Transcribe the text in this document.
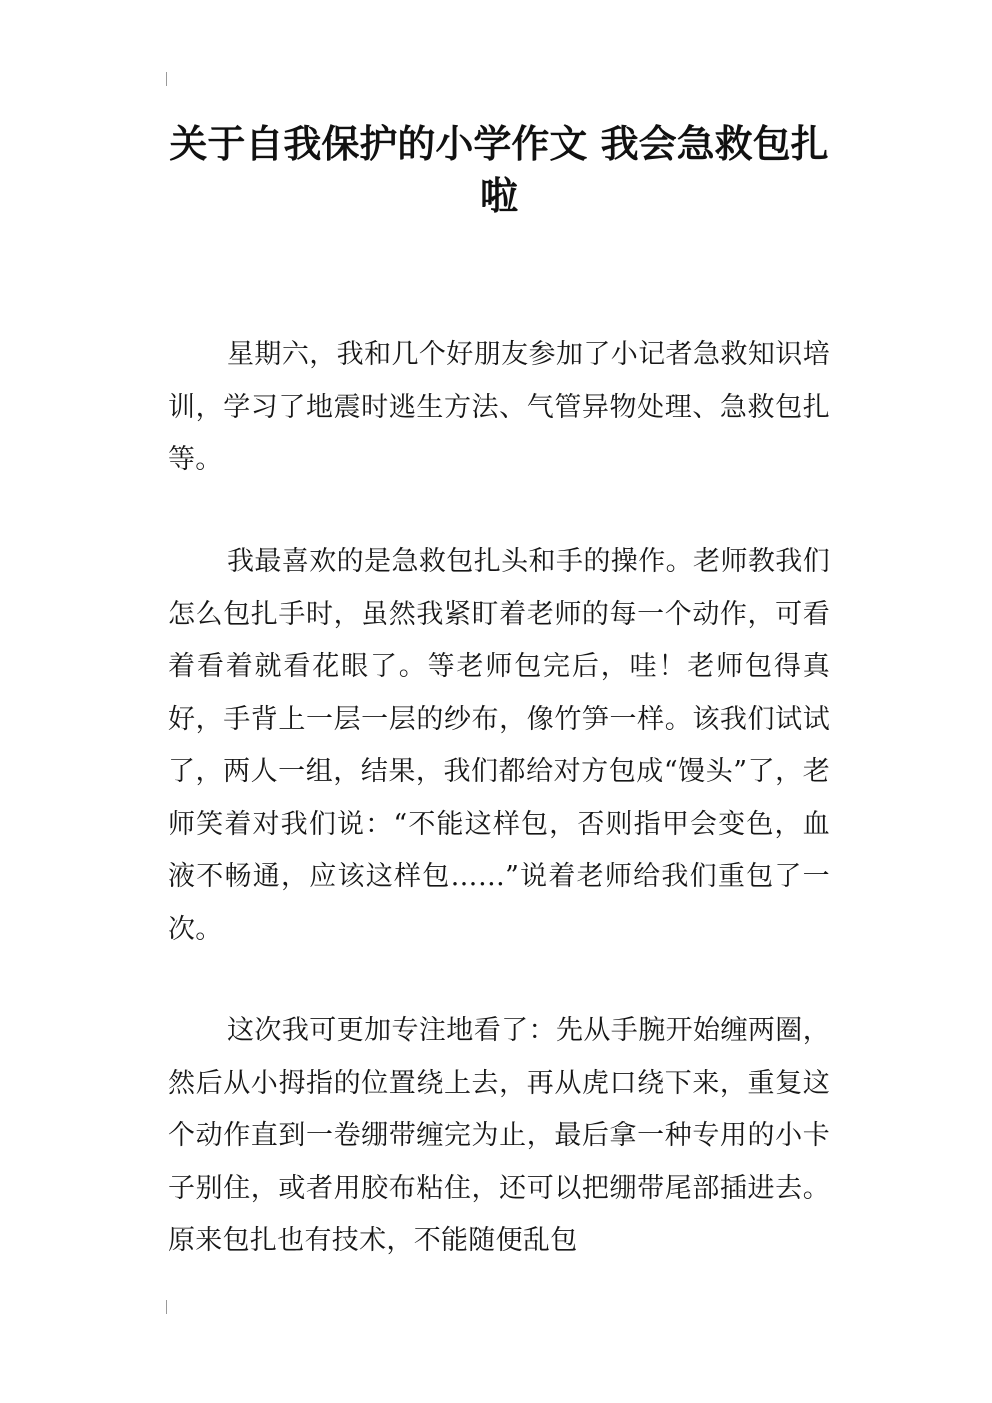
关于自我保护的小学作文 我会急救包扎啦

星期六，我和几个好朋友参加了小记者急救知识培训，学习了地震时逃生方法、气管异物处理、急救包扎等。

我最喜欢的是急救包扎头和手的操作。老师教我们怎么包扎手时，虽然我紧盯着老师的每一个动作，可看着看着就看花眼了。等老师包完后，哇！老师包得真好，手背上一层一层的纱布，像竹笋一样。该我们试试了，两人一组，结果，我们都给对方包成“馒头”了，老师笑着对我们说：“不能这样包，否则指甲会变色，血液不畅通，应该这样包……”说着老师给我们重包了一次。

这次我可更加专注地看了：先从手腕开始缠两圈，然后从小拇指的位置绕上去，再从虎口绕下来，重复这个动作直到一卷绷带缠完为止，最后拿一种专用的小卡子别住，或者用胶布粘住，还可以把绷带尾部插进去。原来包扎也有技术，不能随便乱包
